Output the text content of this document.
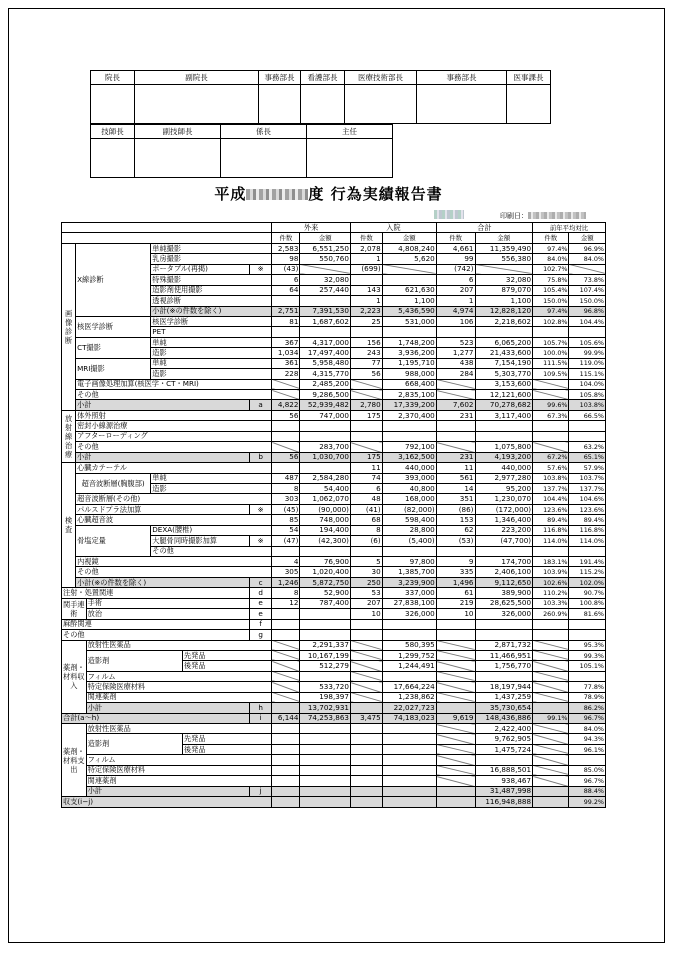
院長	副院長	事務部長	看護部長	医療技術部長	事務部長	医事課長

技師長	副技師長	係長	主任

平成	度 行為実績報告書
印刷日：
						外来		入院		合計		前年平均対比	
						件数	金額	件数	金額	件数	金額	件数	金額
画像診断	X線診断		単純撮影			2,583	6,551,250	2,078	4,808,240	4,661	11,359,490	97.4%	96.9%
			乳房撮影			98	550,760	1	5,620	99	556,380	84.0%	84.0%
			ポータブル(再掲)		※	(43)		(699)		(742)		102.7%	
			特殊撮影			6	32,080			6	32,080	75.8%	73.8%
			造影剤使用撮影			64	257,440	143	621,630	207	879,070	105.4%	107.4%
			透視診断					1	1,100	1	1,100	150.0%	150.0%
			小計(※の件数を除く)			2,751	7,391,530	2,223	5,436,590	4,974	12,828,120	97.4%	96.8%
	核医学診断		核医学診断			81	1,687,602	25	531,000	106	2,218,602	102.8%	104.4%
			PET										
	CT撮影		単純			367	4,317,000	156	1,748,200	523	6,065,200	105.7%	105.6%
			造影			1,034	17,497,400	243	3,936,200	1,277	21,433,600	100.0%	99.9%
	MRI撮影		単純			361	5,958,480	77	1,195,710	438	7,154,190	111.5%	119.0%
			造影			228	4,315,770	56	988,000	284	5,303,770	109.5%	115.1%
	電子画像処理加算(核医学・CT・MRI)						2,485,200		668,400		3,153,600		104.0%
	その他						9,286,500		2,835,100		12,121,600		105.8%
	小計				a	4,822	52,939,482	2,780	17,339,200	7,602	70,278,682	99.6%	103.8%
放射線治療	体外照射					56	747,000	175	2,370,400	231	3,117,400	67.3%	66.5%
	密封小線源治療												
	アフターローディング												
	その他						283,700		792,100		1,075,800		63.2%
	小計				b	56	1,030,700	175	3,162,500	231	4,193,200	67.2%	65.1%
検査	心臓カテーテル							11	440,000	11	440,000	57.6%	57.9%
	超音波断層(胸腹部)		単純			487	2,584,280	74	393,000	561	2,977,280	103.8%	103.7%
			造影			8	54,400	6	40,800	14	95,200	137.7%	137.7%
	超音波断層(その他)					303	1,062,070	48	168,000	351	1,230,070	104.4%	104.6%
	パルスドプラ法加算				※	(45)	(90,000)	(41)	(82,000)	(86)	(172,000)	123.6%	123.6%
	心臓超音波					85	748,000	68	598,400	153	1,346,400	89.4%	89.4%
	骨塩定量		DEXA(腰椎)			54	194,400	8	28,800	62	223,200	116.8%	116.8%
			大腿骨同時撮影加算		※	(47)	(42,300)	(6)	(5,400)	(53)	(47,700)	114.0%	114.0%
			その他										
	内視鏡					4	76,900	5	97,800	9	174,700	183.1%	191.4%
	その他					305	1,020,400	30	1,385,700	335	2,406,100	103.9%	115.2%
	小計(※の件数を除く)				c	1,246	5,872,750	250	3,239,900	1,496	9,112,650	102.6%	102.0%
注射・処置関連					d	8	52,900	53	337,000	61	389,900	110.2%	90.7%
関手連術		手術			e	12	787,400	207	27,838,100	219	28,625,500	103.3%	100.8%
		放治			e			10	326,000	10	326,000	260.9%	81.6%
麻酔関連					f								
その他					g								
薬剤・材料収入		放射性医薬品					2,291,337		580,395		2,871,732		95.3%
		造影剤		先発品			10,167,199		1,299,752		11,466,951		99.3%
				後発品			512,279		1,244,491		1,756,770		105.1%
		フィルム											
		特定保険医療材料					533,720		17,664,224		18,197,944		77.8%
		関連薬剤					198,397		1,238,862		1,437,259		78.9%
		小計			h		13,702,931		22,027,723		35,730,654		86.2%
合計(a〜h)					i	6,144	74,253,863	3,475	74,183,023	9,619	148,436,886	99.1%	96.7%
薬剤・材料支出		放射性医薬品									2,422,400		84.0%
		造影剤		先発品							9,762,905		94.3%
				後発品							1,475,724		96.1%
		フィルム											
		特定保険医療材料									16,888,501		85.0%
		関連薬剤									938,467		96.7%
		小計			j						31,487,998		88.4%
収支(i−j)											116,948,888		99.2%
